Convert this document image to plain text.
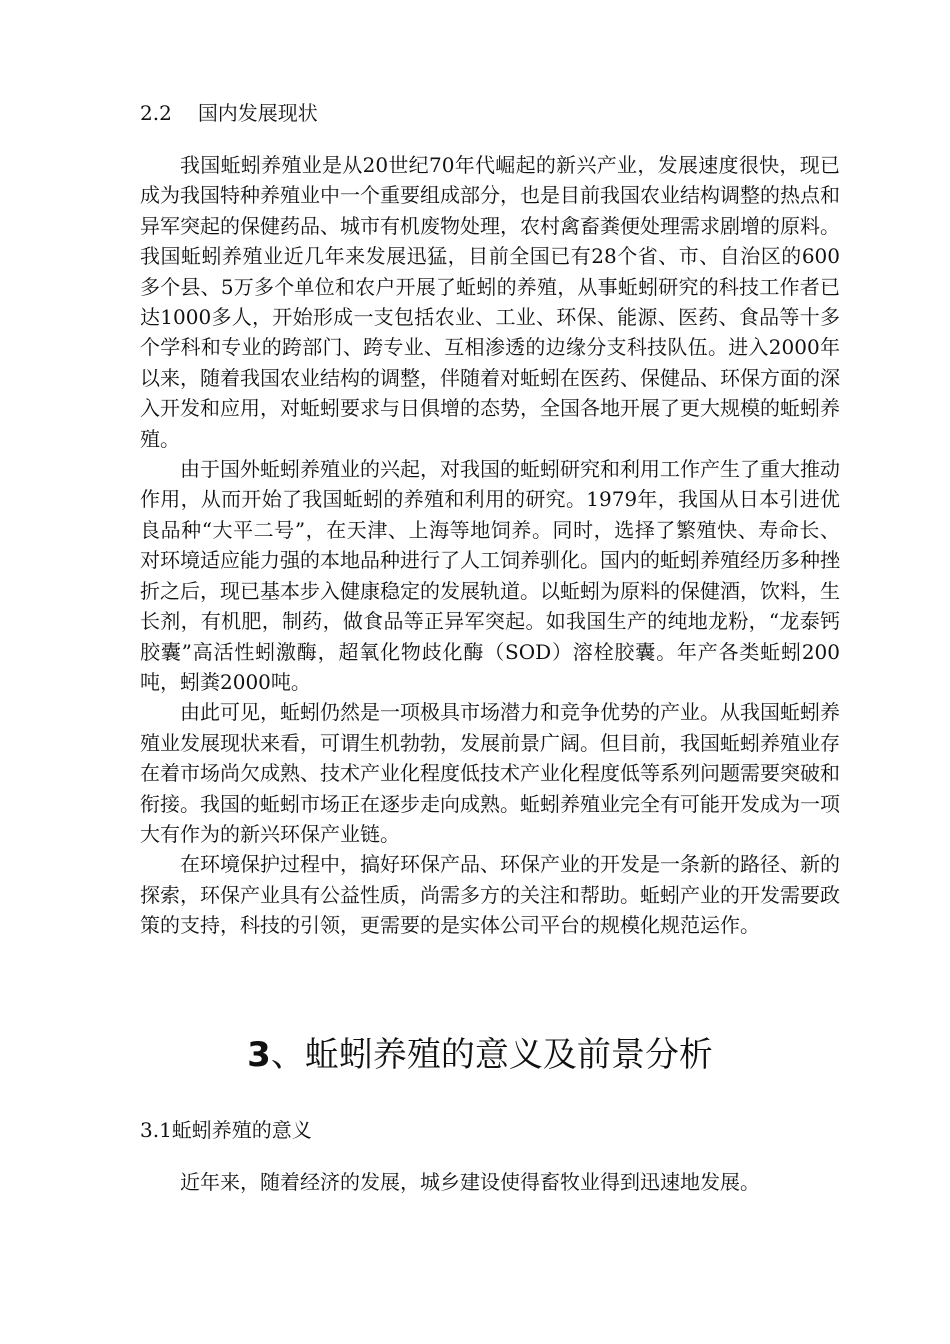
2.2 国内发展现状

我国蚯蚓养殖业是从20世纪70年代崛起的新兴产业，发展速度很快，现已成为我国特种养殖业中一个重要组成部分，也是目前我国农业结构调整的热点和异军突起的保健药品、城市有机废物处理，农村禽畜粪便处理需求剧增的原料。我国蚯蚓养殖业近几年来发展迅猛，目前全国已有28个省、市、自治区的600多个县、5万多个单位和农户开展了蚯蚓的养殖，从事蚯蚓研究的科技工作者已达1000多人，开始形成一支包括农业、工业、环保、能源、医药、食品等十多个学科和专业的跨部门、跨专业、互相渗透的边缘分支科技队伍。进入2000年以来，随着我国农业结构的调整，伴随着对蚯蚓在医药、保健品、环保方面的深入开发和应用，对蚯蚓要求与日俱增的态势，全国各地开展了更大规模的蚯蚓养殖。

由于国外蚯蚓养殖业的兴起，对我国的蚯蚓研究和利用工作产生了重大推动作用，从而开始了我国蚯蚓的养殖和利用的研究。1979年，我国从日本引进优良品种“大平二号”，在天津、上海等地饲养。同时，选择了繁殖快、寿命长、对环境适应能力强的本地品种进行了人工饲养驯化。国内的蚯蚓养殖经历多种挫折之后，现已基本步入健康稳定的发展轨道。以蚯蚓为原料的保健酒，饮料，生长剂，有机肥，制药，做食品等正异军突起。如我国生产的纯地龙粉，“龙泰钙胶囊”高活性蚓激酶，超氧化物歧化酶（SOD）溶栓胶囊。年产各类蚯蚓200吨，蚓粪2000吨。

由此可见，蚯蚓仍然是一项极具市场潜力和竞争优势的产业。从我国蚯蚓养殖业发展现状来看，可谓生机勃勃，发展前景广阔。但目前，我国蚯蚓养殖业存在着市场尚欠成熟、技术产业化程度低技术产业化程度低等系列问题需要突破和衔接。我国的蚯蚓市场正在逐步走向成熟。蚯蚓养殖业完全有可能开发成为一项大有作为的新兴环保产业链。

在环境保护过程中，搞好环保产品、环保产业的开发是一条新的路径、新的探索，环保产业具有公益性质，尚需多方的关注和帮助。蚯蚓产业的开发需要政策的支持，科技的引领，更需要的是实体公司平台的规模化规范运作。

3、蚯蚓养殖的意义及前景分析
3.1蚯蚓养殖的意义

近年来，随着经济的发展，城乡建设使得畜牧业得到迅速地发展。
